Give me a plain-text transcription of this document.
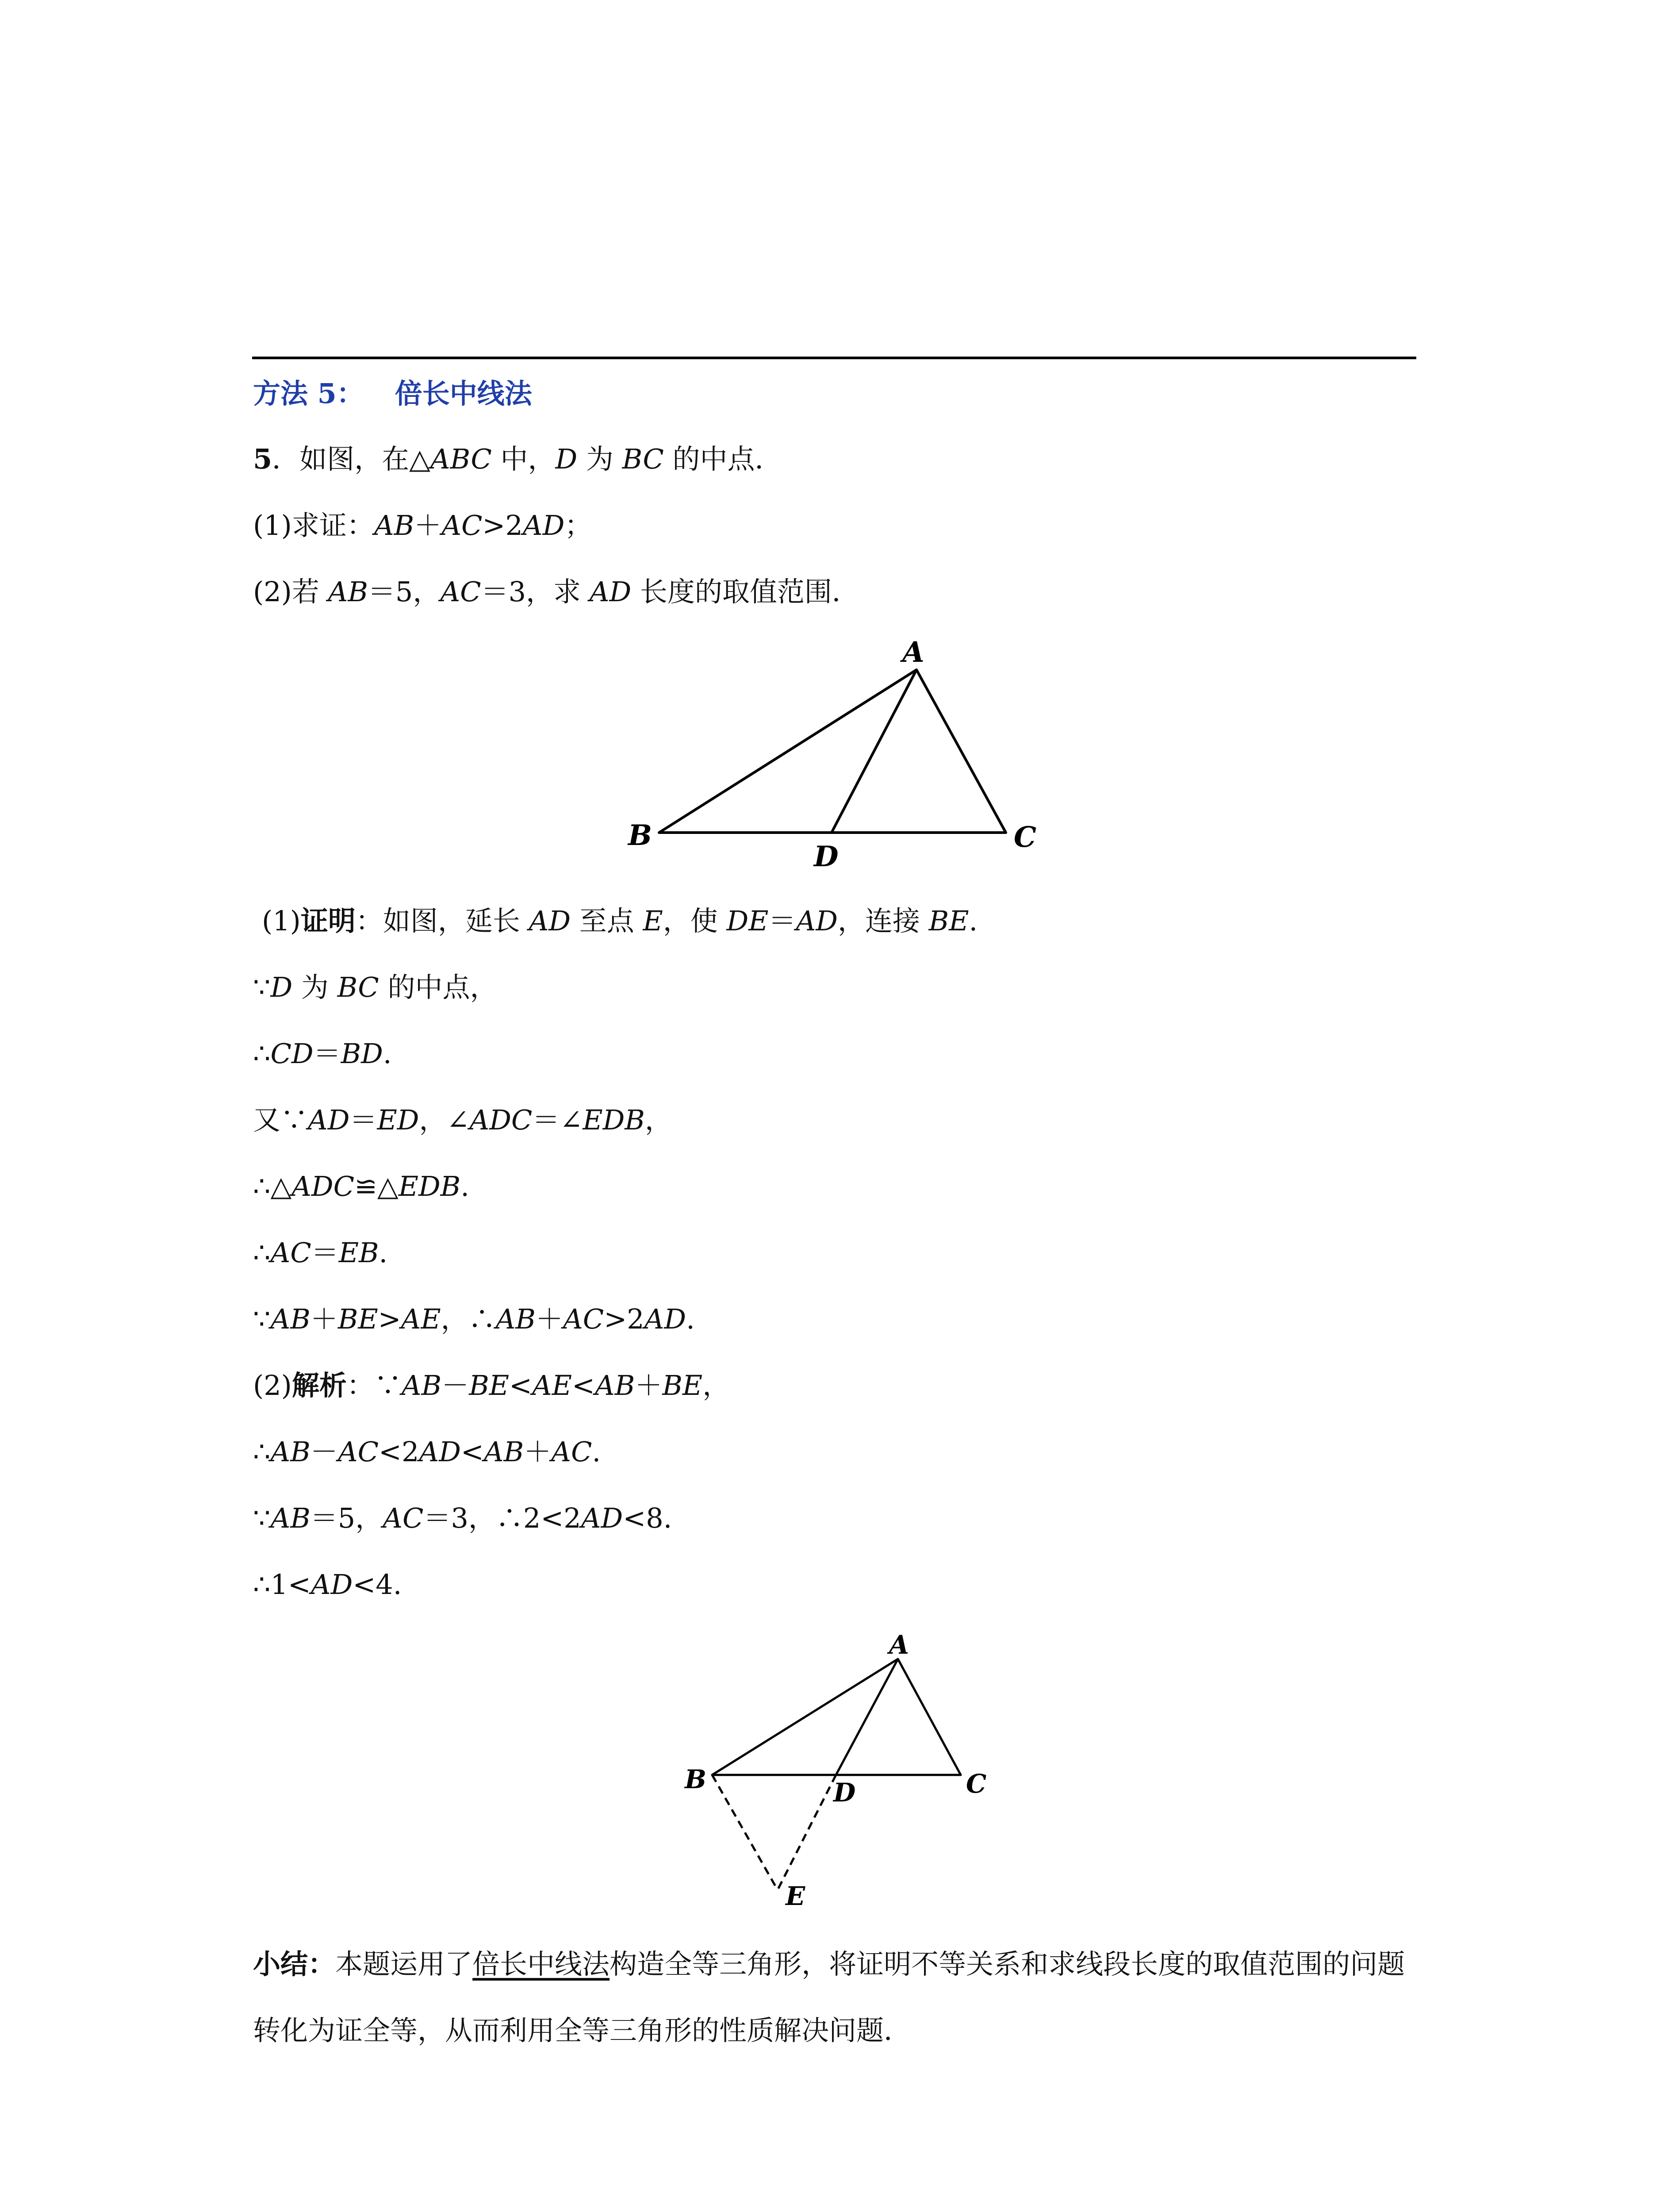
方法 5： 倍长中线法
5．如图，在△ABC 中，D 为 BC 的中点．
(1)求证：AB＋AC>2AD；
(2)若 AB＝5，AC＝3，求 AD 长度的取值范围．
A
B	C
D
(1)证明：如图，延长 AD 至点 E，使 DE＝AD，连接 BE.
∵D 为 BC 的中点，
∴CD＝BD.
又∵AD＝ED，∠ADC＝∠EDB，
∴△ADC≌△EDB.
∴AC＝EB.
∵AB＋BE>AE，∴AB＋AC>2AD.
(2)解析：∵AB－BE<AE<AB＋BE，
∴AB－AC<2AD<AB＋AC.
∵AB＝5，AC＝3，∴2<2AD<8.
∴1<AD<4.
A
B	C
D
E
小结：本题运用了倍长中线法构造全等三角形，将证明不等关系和求线段长度的取值范围的问题转化为证全等，从而利用全等三角形的性质解决问题．
